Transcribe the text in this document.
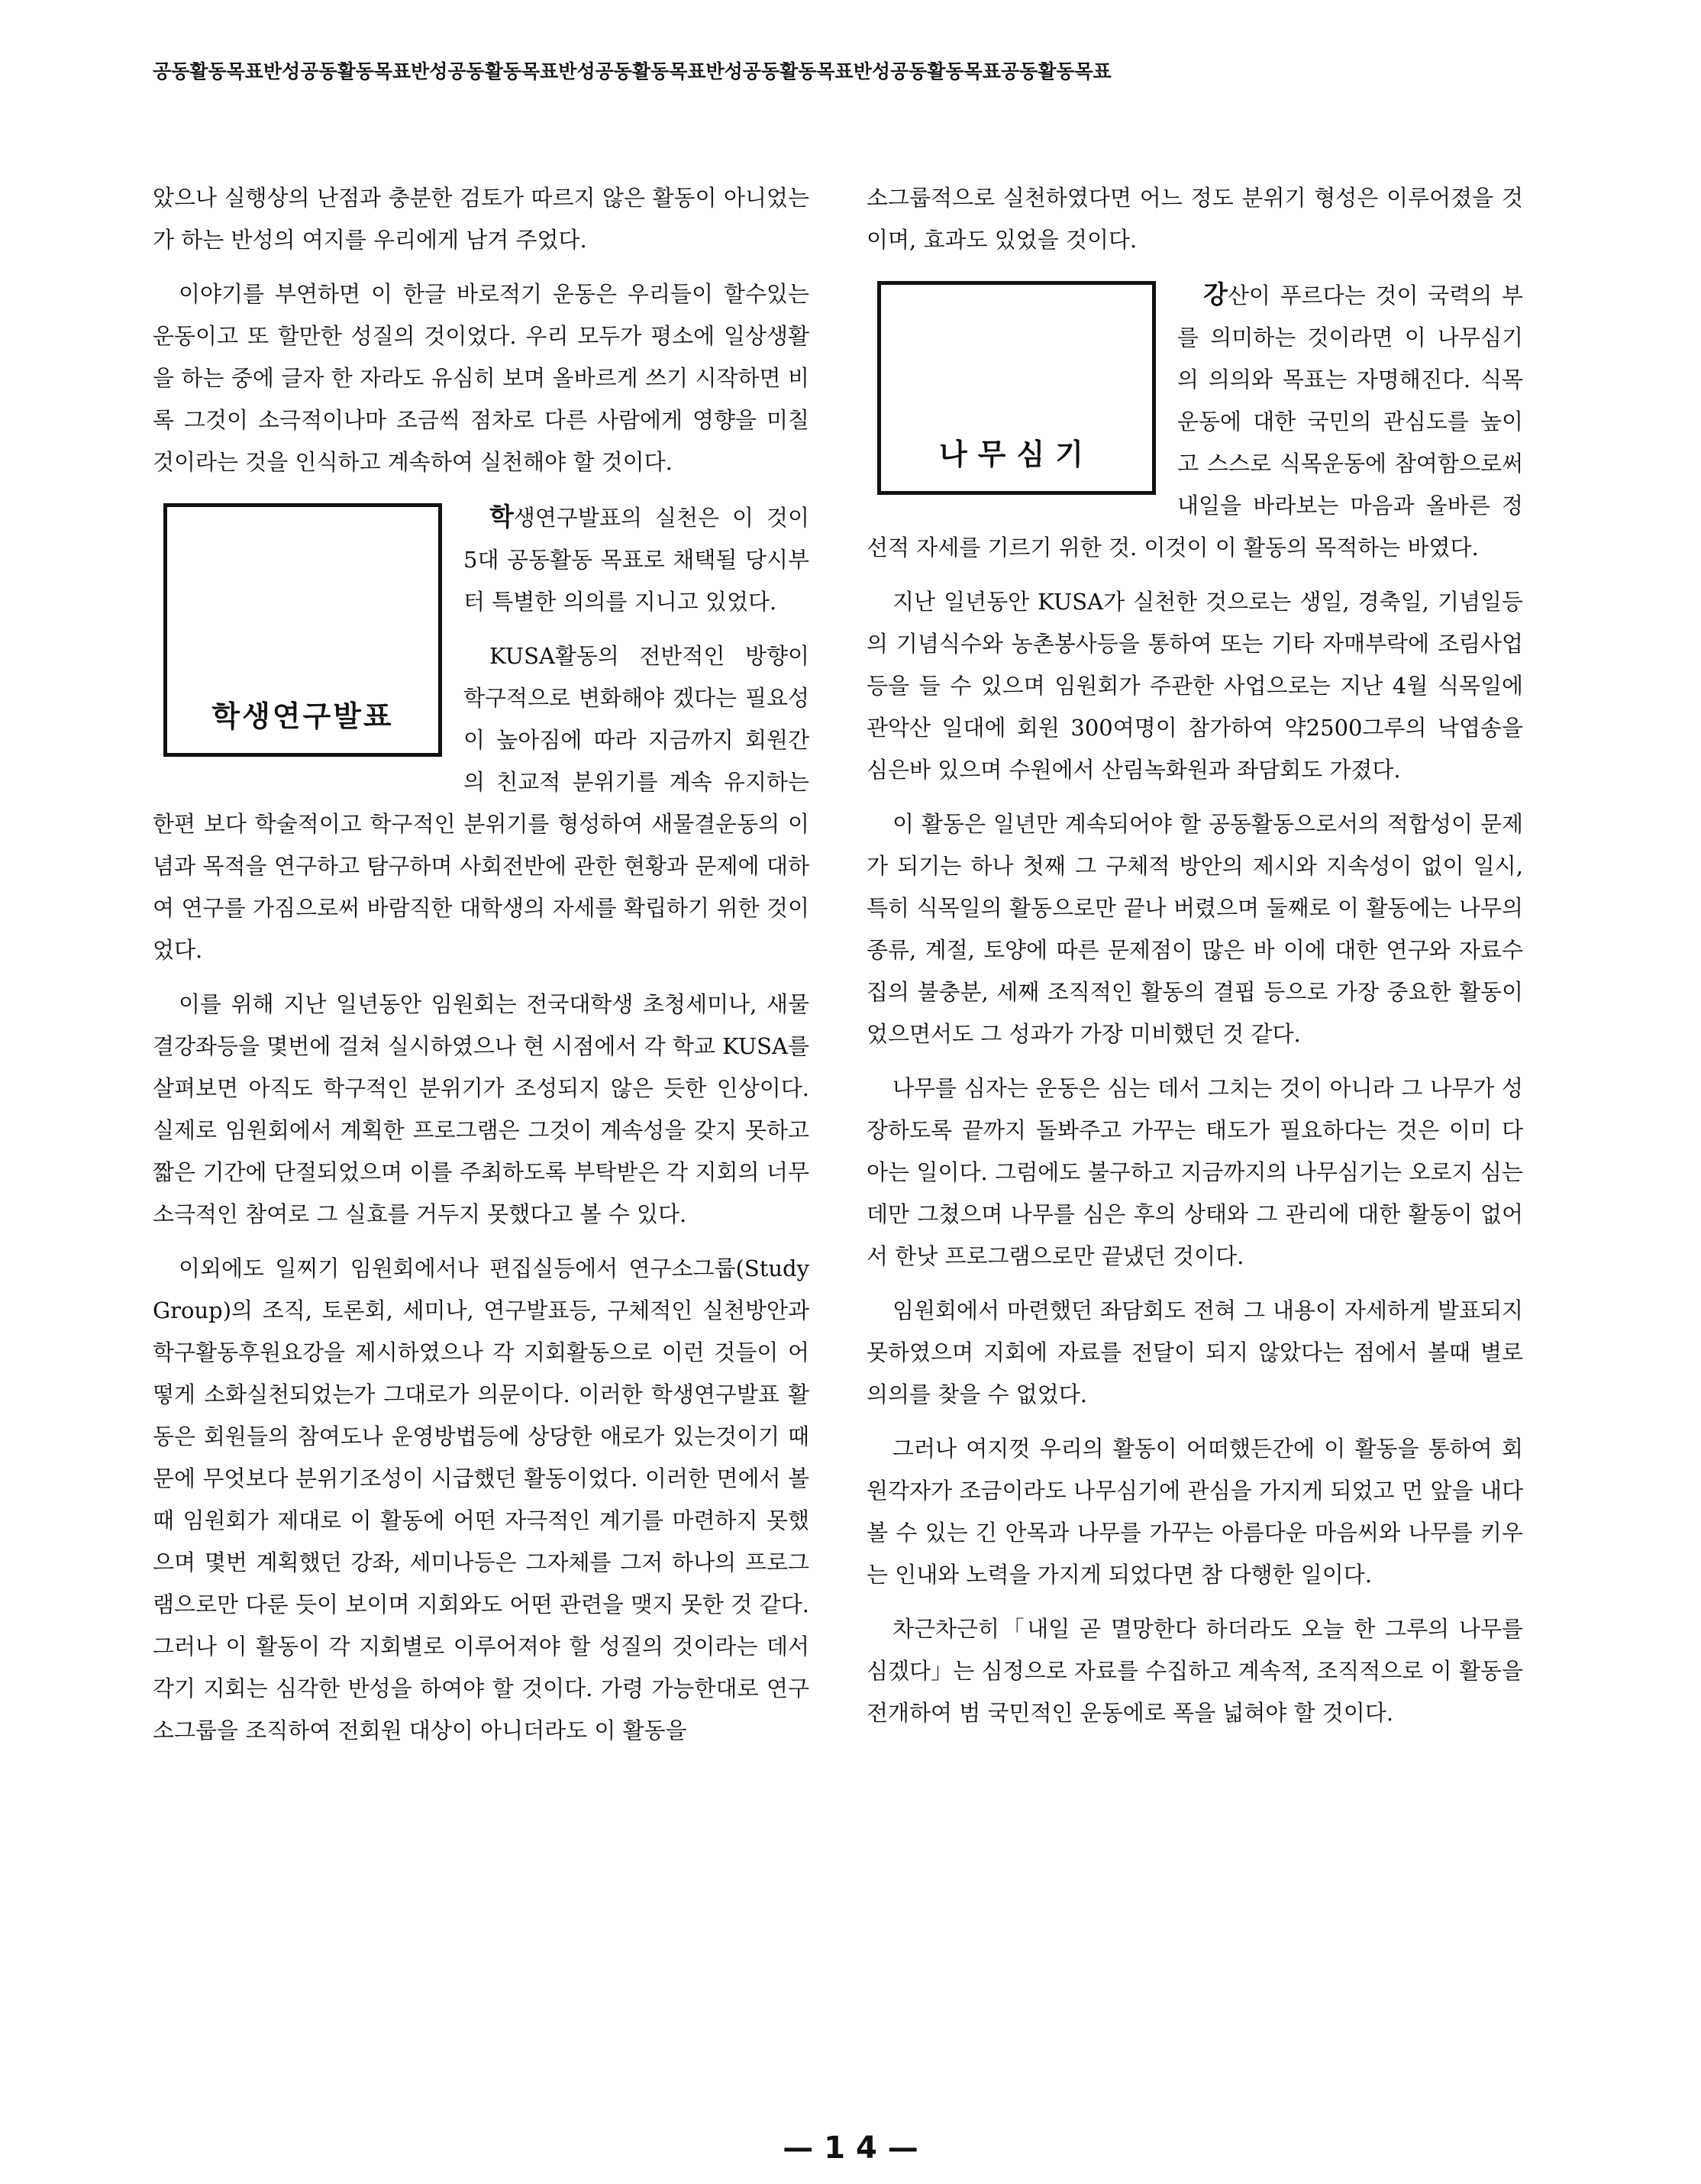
공동활동목표반성공동활동목표반성공동활동목표반성공동활동목표반성공동활동목표반성공동활동목표공동활동목표

았으나 실행상의 난점과 충분한 검토가 따르지 않은 활동이 아니었는가 하는 반성의 여지를 우리에게 남겨 주었다.

이야기를 부연하면 이 한글 바로적기 운동은 우리들이 할수있는 운동이고 또 할만한 성질의 것이었다. 우리 모두가 평소에 일상생활을 하는 중에 글자 한 자라도 유심히 보며 올바르게 쓰기 시작하면 비록 그것이 소극적이나마 조금씩 점차로 다른 사람에게 영향을 미칠 것이라는 것을 인식하고 계속하여 실천해야 할 것이다.

학생연구발표

학생연구발표의 실천은 이 것이 5대 공동활동 목표로 채택될 당시부터 특별한 의의를 지니고 있었다.

KUSA활동의 전반적인 방향이 학구적으로 변화해야 겠다는 필요성이 높아짐에 따라 지금까지 회원간의 친교적 분위기를 계속 유지하는 한편 보다 학술적이고 학구적인 분위기를 형성하여 새물결운동의 이념과 목적을 연구하고 탐구하며 사회전반에 관한 현황과 문제에 대하여 연구를 가짐으로써 바람직한 대학생의 자세를 확립하기 위한 것이었다.

이를 위해 지난 일년동안 임원회는 전국대학생 초청세미나, 새물결강좌등을 몇번에 걸쳐 실시하였으나 현 시점에서 각 학교 KUSA를 살펴보면 아직도 학구적인 분위기가 조성되지 않은 듯한 인상이다. 실제로 임원회에서 계획한 프로그램은 그것이 계속성을 갖지 못하고 짧은 기간에 단절되었으며 이를 주최하도록 부탁받은 각 지회의 너무 소극적인 참여로 그 실효를 거두지 못했다고 볼 수 있다.

이외에도 일찌기 임원회에서나 편집실등에서 연구소그룹(Study Group)의 조직, 토론회, 세미나, 연구발표등, 구체적인 실천방안과 학구활동후원요강을 제시하였으나 각 지회활동으로 이런 것들이 어떻게 소화실천되었는가 그대로가 의문이다. 이러한 학생연구발표 활동은 회원들의 참여도나 운영방법등에 상당한 애로가 있는것이기 때문에 무엇보다 분위기조성이 시급했던 활동이었다. 이러한 면에서 볼때 임원회가 제대로 이 활동에 어떤 자극적인 계기를 마련하지 못했으며 몇번 계획했던 강좌, 세미나등은 그자체를 그저 하나의 프로그램으로만 다룬 듯이 보이며 지회와도 어떤 관련을 맺지 못한 것 같다. 그러나 이 활동이 각 지회별로 이루어져야 할 성질의 것이라는 데서 각기 지회는 심각한 반성을 하여야 할 것이다. 가령 가능한대로 연구 소그룹을 조직하여 전회원 대상이 아니더라도 이 활동을

소그룹적으로 실천하였다면 어느 정도 분위기 형성은 이루어졌을 것이며, 효과도 있었을 것이다.

나무심기

강산이 푸르다는 것이 국력의 부를 의미하는 것이라면 이 나무심기의 의의와 목표는 자명해진다. 식목운동에 대한 국민의 관심도를 높이고 스스로 식목운동에 참여함으로써 내일을 바라보는 마음과 올바른 정선적 자세를 기르기 위한 것. 이것이 이 활동의 목적하는 바였다.

지난 일년동안 KUSA가 실천한 것으로는 생일, 경축일, 기념일등의 기념식수와 농촌봉사등을 통하여 또는 기타 자매부락에 조림사업등을 들 수 있으며 임원회가 주관한 사업으로는 지난 4월 식목일에 관악산 일대에 회원 300여명이 참가하여 약2500그루의 낙엽송을 심은바 있으며 수원에서 산림녹화원과 좌담회도 가졌다.

이 활동은 일년만 계속되어야 할 공동활동으로서의 적합성이 문제가 되기는 하나 첫째 그 구체적 방안의 제시와 지속성이 없이 일시, 특히 식목일의 활동으로만 끝나 버렸으며 둘째로 이 활동에는 나무의 종류, 계절, 토양에 따른 문제점이 많은 바 이에 대한 연구와 자료수집의 불충분, 세째 조직적인 활동의 결핍 등으로 가장 중요한 활동이었으면서도 그 성과가 가장 미비했던 것 같다.

나무를 심자는 운동은 심는 데서 그치는 것이 아니라 그 나무가 성장하도록 끝까지 돌봐주고 가꾸는 태도가 필요하다는 것은 이미 다 아는 일이다. 그럼에도 불구하고 지금까지의 나무심기는 오로지 심는 데만 그쳤으며 나무를 심은 후의 상태와 그 관리에 대한 활동이 없어서 한낫 프로그램으로만 끝냈던 것이다.

임원회에서 마련했던 좌담회도 전혀 그 내용이 자세하게 발표되지 못하였으며 지회에 자료를 전달이 되지 않았다는 점에서 볼때 별로 의의를 찾을 수 없었다.

그러나 여지껏 우리의 활동이 어떠했든간에 이 활동을 통하여 회원각자가 조금이라도 나무심기에 관심을 가지게 되었고 먼 앞을 내다볼 수 있는 긴 안목과 나무를 가꾸는 아름다운 마음씨와 나무를 키우는 인내와 노력을 가지게 되었다면 참 다행한 일이다.

차근차근히「내일 곧 멸망한다 하더라도 오늘 한 그루의 나무를 심겠다」는 심정으로 자료를 수집하고 계속적, 조직적으로 이 활동을 전개하여 범 국민적인 운동에로 폭을 넓혀야 할 것이다.

— 1 4 —
